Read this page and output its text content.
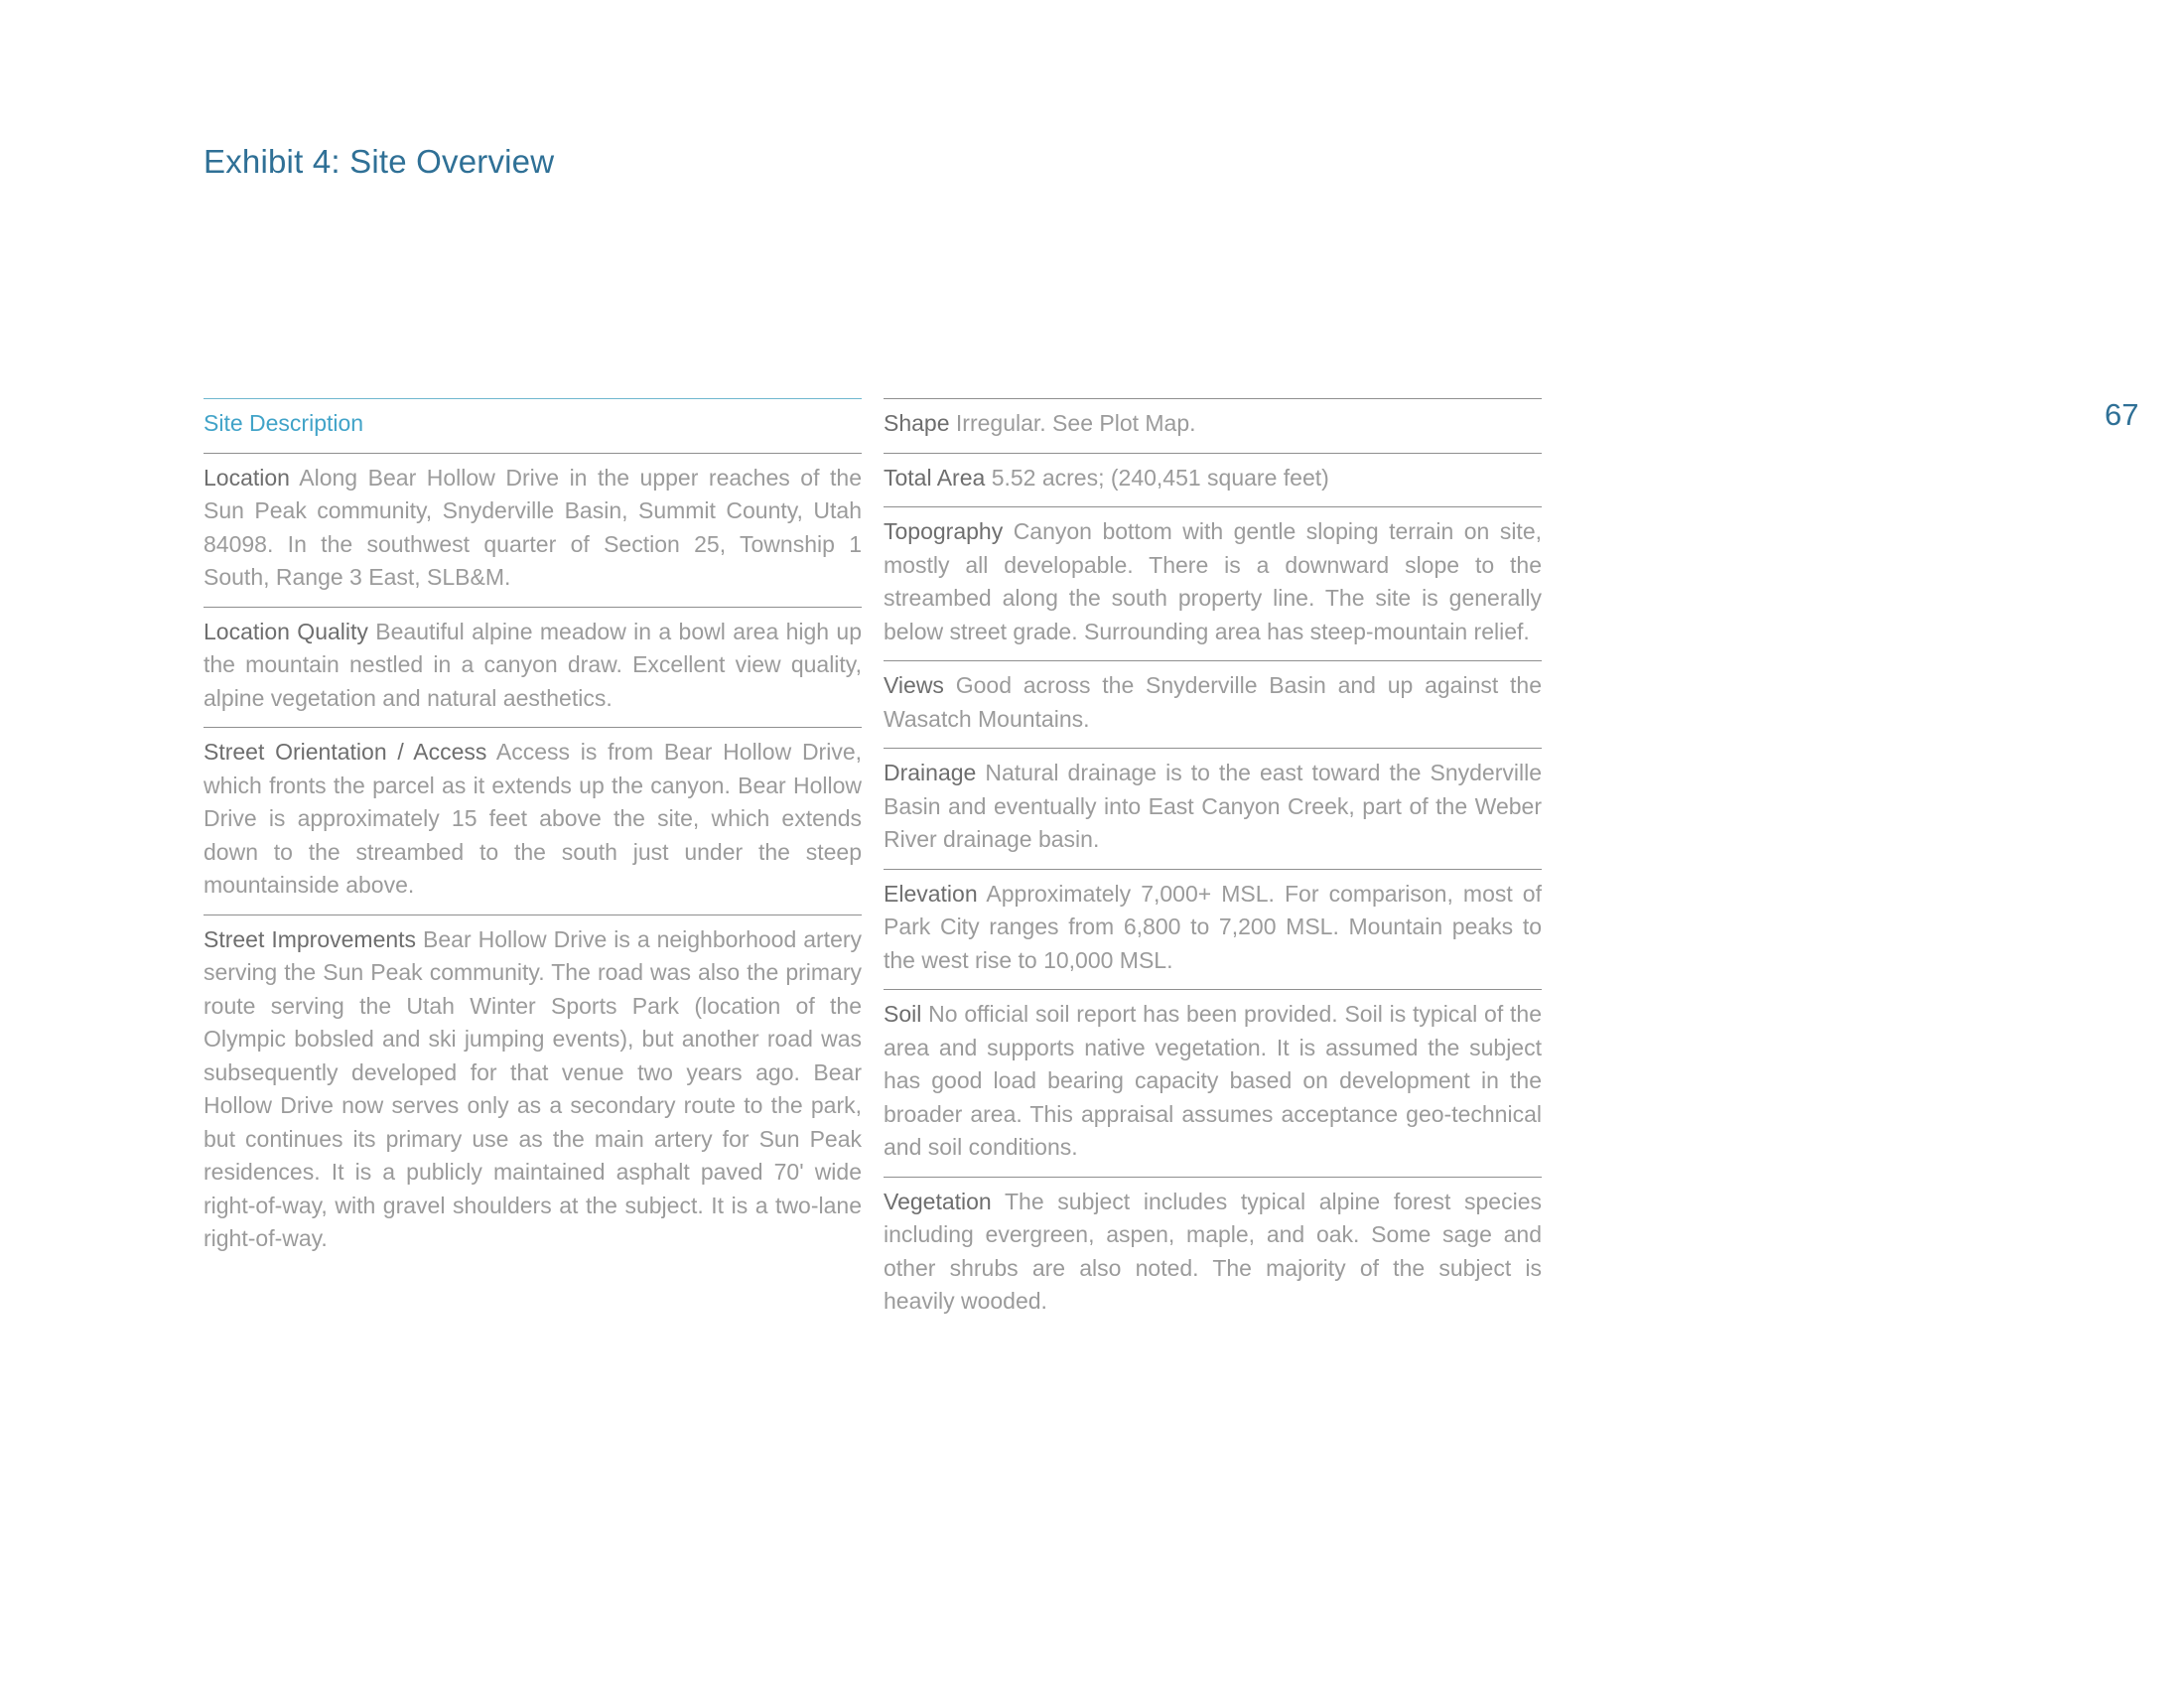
Exhibit 4: Site Overview
67
Site Description
Location Along Bear Hollow Drive in the upper reaches of the Sun Peak community, Snyderville Basin, Summit County, Utah 84098. In the southwest quarter of Section 25, Township 1 South, Range 3 East, SLB&M.
Location Quality Beautiful alpine meadow in a bowl area high up the mountain nestled in a canyon draw. Excellent view quality, alpine vegetation and natural aesthetics.
Street Orientation / Access Access is from Bear Hollow Drive, which fronts the parcel as it extends up the canyon. Bear Hollow Drive is approximately 15 feet above the site, which extends down to the streambed to the south just under the steep mountainside above.
Street Improvements Bear Hollow Drive is a neighborhood artery serving the Sun Peak community. The road was also the primary route serving the Utah Winter Sports Park (location of the Olympic bobsled and ski jumping events), but another road was subsequently developed for that venue two years ago. Bear Hollow Drive now serves only as a secondary route to the park, but continues its primary use as the main artery for Sun Peak residences. It is a publicly maintained asphalt paved 70' wide right-of-way, with gravel shoulders at the subject. It is a two-lane right-of-way.
Shape Irregular. See Plot Map.
Total Area 5.52 acres; (240,451 square feet)
Topography Canyon bottom with gentle sloping terrain on site, mostly all developable. There is a downward slope to the streambed along the south property line. The site is generally below street grade. Surrounding area has steep-mountain relief.
Views Good across the Snyderville Basin and up against the Wasatch Mountains.
Drainage Natural drainage is to the east toward the Snyderville Basin and eventually into East Canyon Creek, part of the Weber River drainage basin.
Elevation Approximately 7,000+ MSL. For comparison, most of Park City ranges from 6,800 to 7,200 MSL. Mountain peaks to the west rise to 10,000 MSL.
Soil No official soil report has been provided. Soil is typical of the area and supports native vegetation. It is assumed the subject has good load bearing capacity based on development in the broader area. This appraisal assumes acceptance geo-technical and soil conditions.
Vegetation The subject includes typical alpine forest species including evergreen, aspen, maple, and oak. Some sage and other shrubs are also noted. The majority of the subject is heavily wooded.
